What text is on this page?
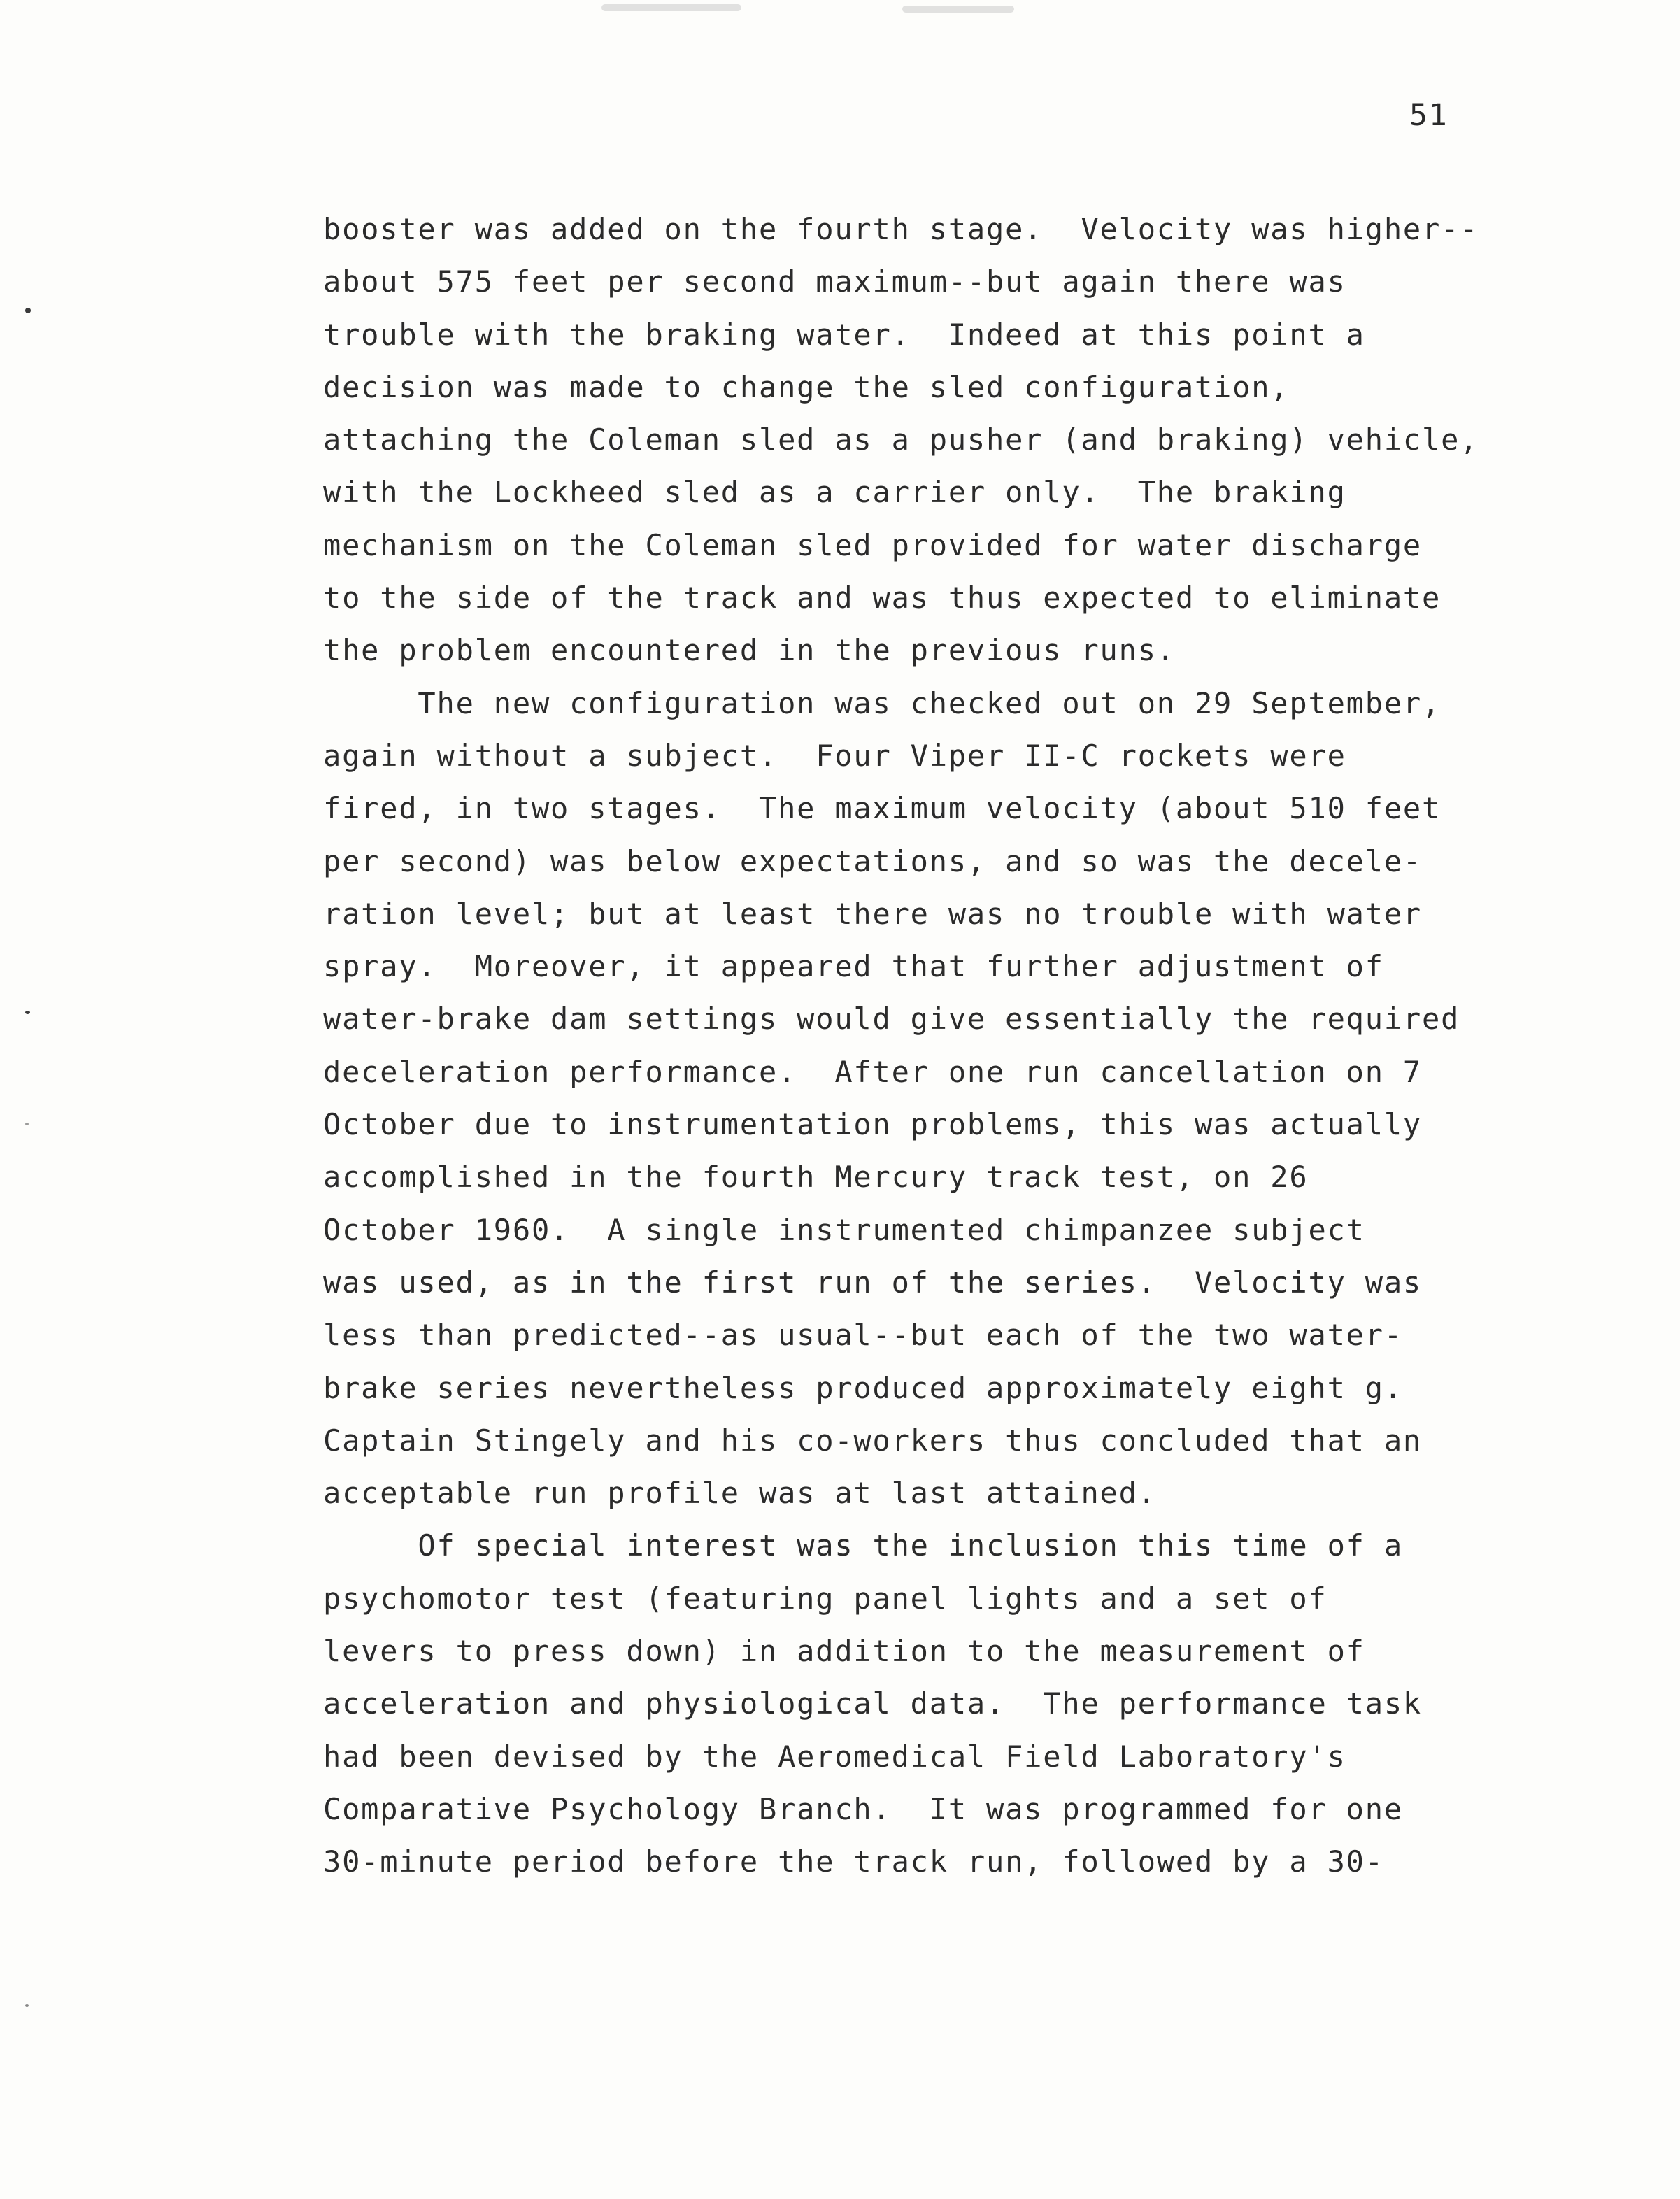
51
booster was added on the fourth stage.  Velocity was higher--
about 575 feet per second maximum--but again there was
trouble with the braking water.  Indeed at this point a
decision was made to change the sled configuration,
attaching the Coleman sled as a pusher (and braking) vehicle,
with the Lockheed sled as a carrier only.  The braking
mechanism on the Coleman sled provided for water discharge
to the side of the track and was thus expected to eliminate
the problem encountered in the previous runs.
The new configuration was checked out on 29 September,
again without a subject.  Four Viper II-C rockets were
fired, in two stages.  The maximum velocity (about 510 feet
per second) was below expectations, and so was the decele-
ration level; but at least there was no trouble with water
spray.  Moreover, it appeared that further adjustment of
water-brake dam settings would give essentially the required
deceleration performance.  After one run cancellation on 7
October due to instrumentation problems, this was actually
accomplished in the fourth Mercury track test, on 26
October 1960.  A single instrumented chimpanzee subject
was used, as in the first run of the series.  Velocity was
less than predicted--as usual--but each of the two water-
brake series nevertheless produced approximately eight g.
Captain Stingely and his co-workers thus concluded that an
acceptable run profile was at last attained.
Of special interest was the inclusion this time of a
psychomotor test (featuring panel lights and a set of
levers to press down) in addition to the measurement of
acceleration and physiological data.  The performance task
had been devised by the Aeromedical Field Laboratory's
Comparative Psychology Branch.  It was programmed for one
30-minute period before the track run, followed by a 30-
